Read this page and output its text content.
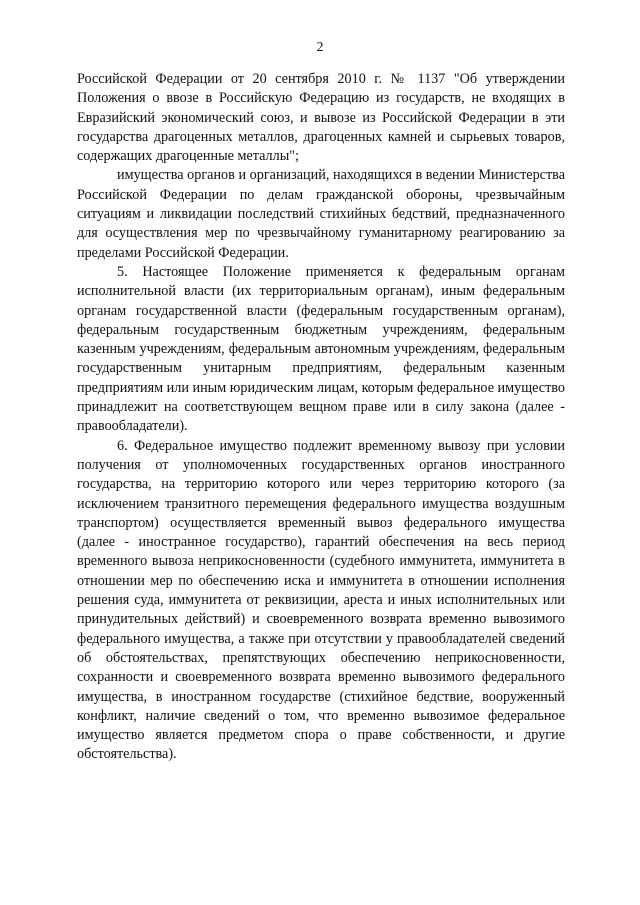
2

Российской Федерации от 20 сентября 2010 г. № 1137 "Об утверждении Положения о ввозе в Российскую Федерацию из государств, не входящих в Евразийский экономический союз, и вывозе из Российской Федерации в эти государства драгоценных металлов, драгоценных камней и сырьевых товаров, содержащих драгоценные металлы";

имущества органов и организаций, находящихся в ведении Министерства Российской Федерации по делам гражданской обороны, чрезвычайным ситуациям и ликвидации последствий стихийных бедствий, предназначенного для осуществления мер по чрезвычайному гуманитарному реагированию за пределами Российской Федерации.

5. Настоящее Положение применяется к федеральным органам исполнительной власти (их территориальным органам), иным федеральным органам государственной власти (федеральным государственным органам), федеральным государственным бюджетным учреждениям, федеральным казенным учреждениям, федеральным автономным учреждениям, федеральным государственным унитарным предприятиям, федеральным казенным предприятиям или иным юридическим лицам, которым федеральное имущество принадлежит на соответствующем вещном праве или в силу закона (далее - правообладатели).

6. Федеральное имущество подлежит временному вывозу при условии получения от уполномоченных государственных органов иностранного государства, на территорию которого или через территорию которого (за исключением транзитного перемещения федерального имущества воздушным транспортом) осуществляется временный вывоз федерального имущества (далее - иностранное государство), гарантий обеспечения на весь период временного вывоза неприкосновенности (судебного иммунитета, иммунитета в отношении мер по обеспечению иска и иммунитета в отношении исполнения решения суда, иммунитета от реквизиции, ареста и иных исполнительных или принудительных действий) и своевременного возврата временно вывозимого федерального имущества, а также при отсутствии у правообладателей сведений об обстоятельствах, препятствующих обеспечению неприкосновенности, сохранности и своевременного возврата временно вывозимого федерального имущества, в иностранном государстве (стихийное бедствие, вооруженный конфликт, наличие сведений о том, что временно вывозимое федеральное имущество является предметом спора о праве собственности, и другие обстоятельства).
